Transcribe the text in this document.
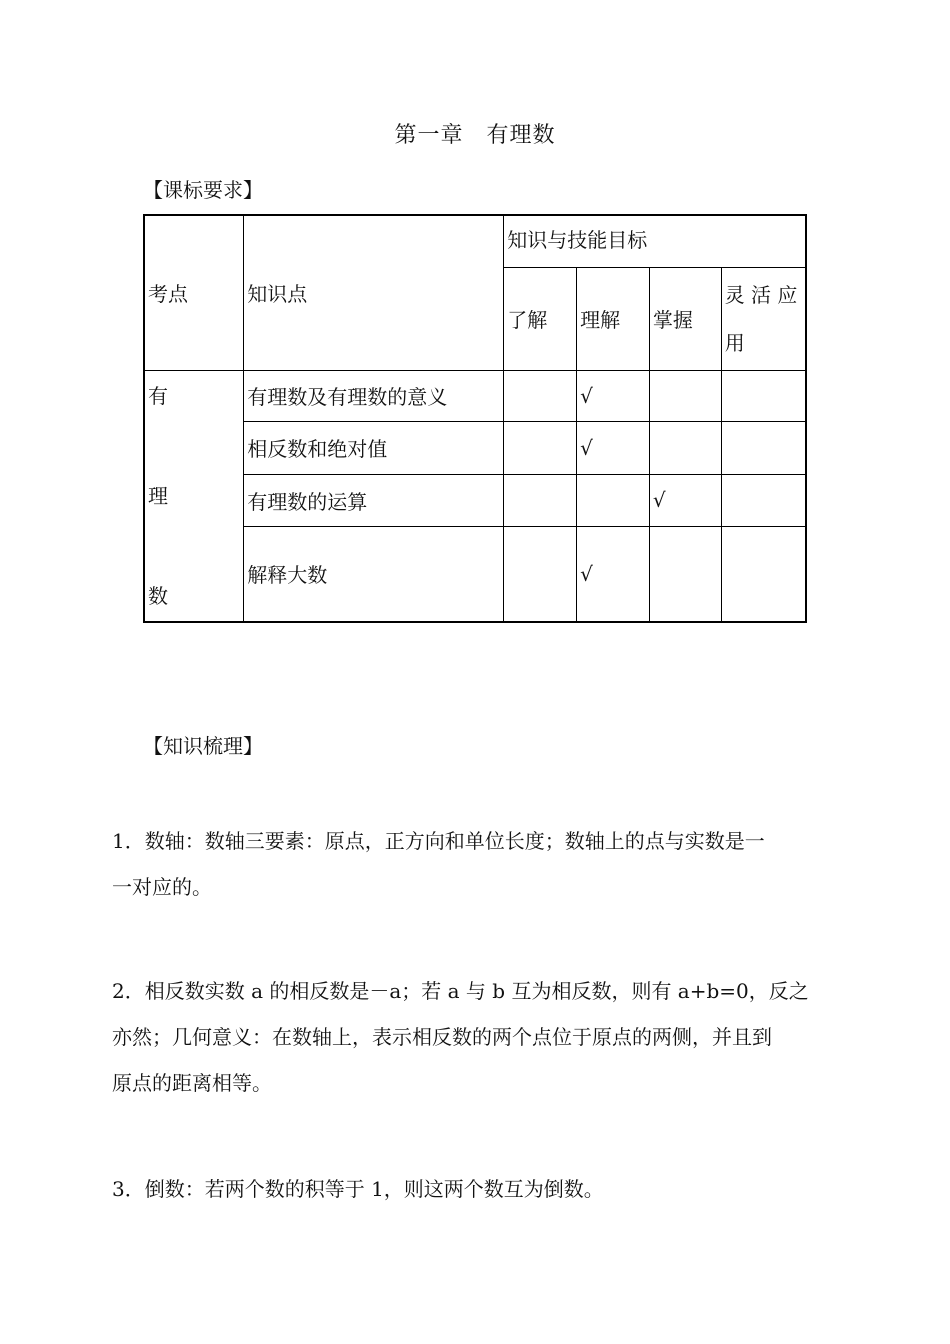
第一章　有理数
【课标要求】
考点	知识点	知识与技能目标			
		了解	理解	掌握	灵 活 应
用

有
理
数	有理数及有理数的意义		√		
	相反数和绝对值		√		
	有理数的运算			√	
	解释大数		√		
【知识梳理】
1．数轴：数轴三要素：原点，正方向和单位长度；数轴上的点与实数是一
一对应的。
2．相反数实数 a 的相反数是－a；若 a 与 b 互为相反数，则有 a+b=0，反之
亦然；几何意义：在数轴上，表示相反数的两个点位于原点的两侧，并且到
原点的距离相等。
3．倒数：若两个数的积等于 1，则这两个数互为倒数。
